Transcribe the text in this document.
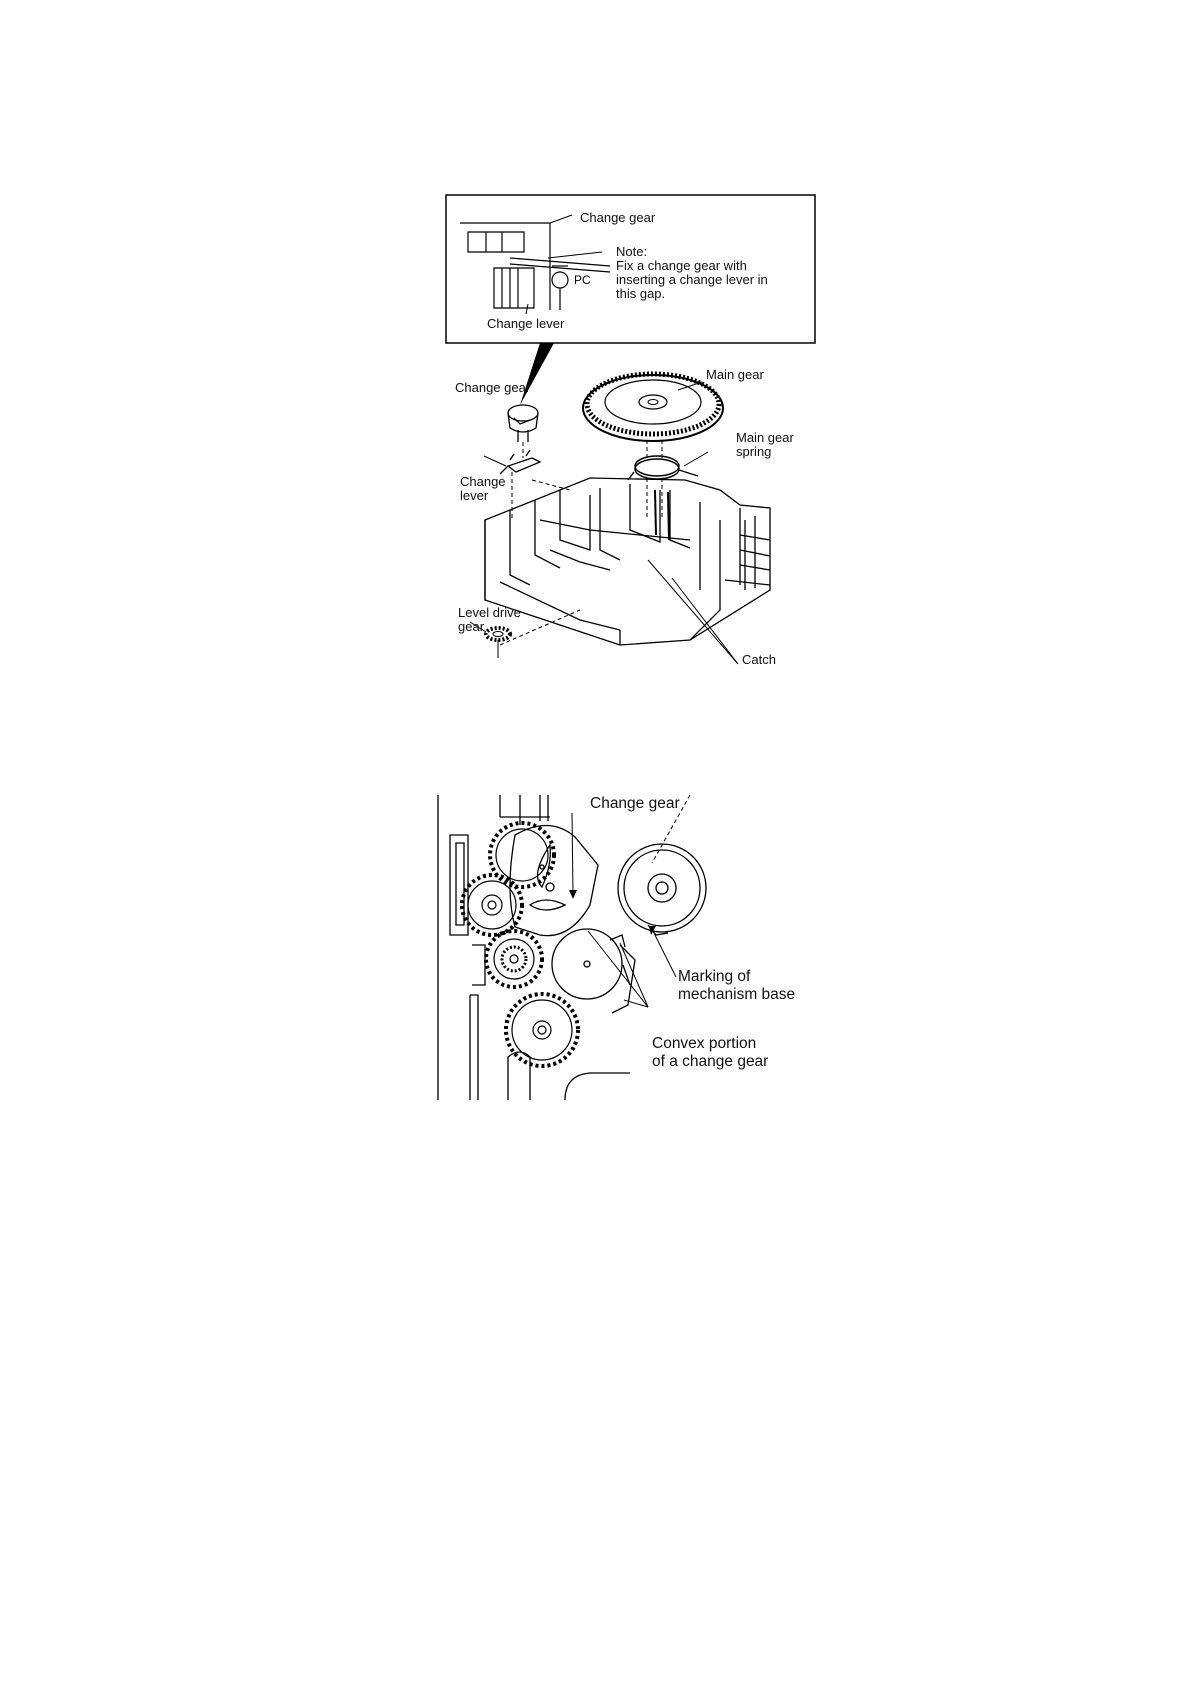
PC
Change gear
Note:
Fix a change gear with
inserting a change lever in
this gap.
Change lever
Change gear
Main gear
Main gear
spring
Change
lever
Level drive
gear
Catch
Change gear
Marking of
mechanism base
Convex portion
of a change gear
